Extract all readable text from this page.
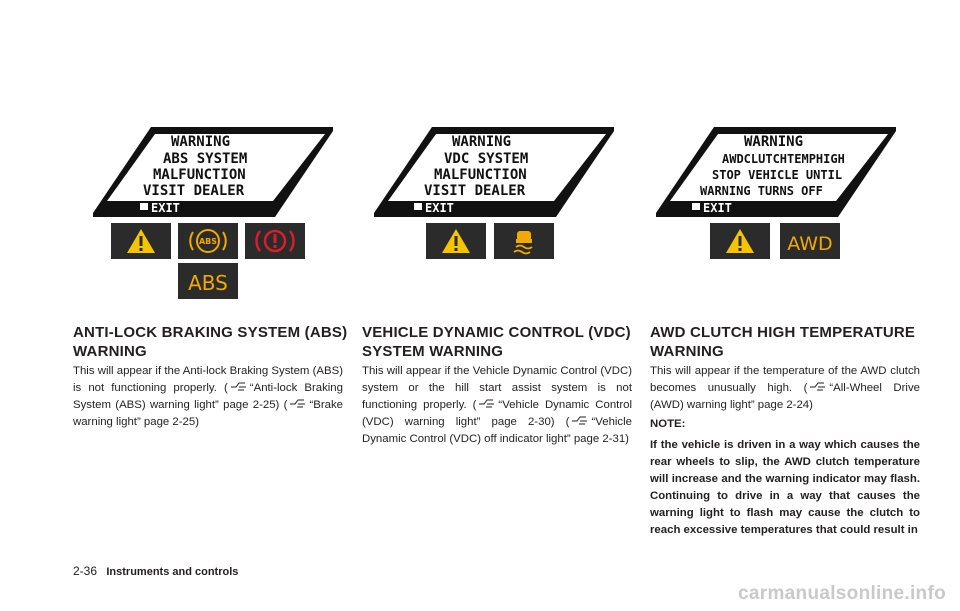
WARNING
ABS SYSTEM
MALFUNCTION
VISIT DEALER
EXIT
ABS
ABS
ANTI-LOCK BRAKING SYSTEM (ABS) WARNING
This will appear if the Anti-lock Braking System (ABS) is not functioning properly. ( “Anti-lock Braking System (ABS) warning light” page 2-25) ( “Brake warning light” page 2-25)
WARNING
VDC SYSTEM
MALFUNCTION
VISIT DEALER
EXIT
VEHICLE DYNAMIC CONTROL (VDC) SYSTEM WARNING
This will appear if the Vehicle Dynamic Control (VDC) system or the hill start assist system is not functioning properly. ( “Vehicle Dynamic Control (VDC) warning light” page 2-30) ( “Vehicle Dynamic Control (VDC) off indicator light” page 2-31)
WARNING
AWDCLUTCHTEMPHIGH
STOP VEHICLE UNTIL
WARNING TURNS OFF
EXIT
AWD
AWD CLUTCH HIGH TEMPERATURE WARNING
This will appear if the temperature of the AWD clutch becomes unusually high. ( “All-Wheel Drive (AWD) warning light” page 2-24)
NOTE:
If the vehicle is driven in a way which causes the rear wheels to slip, the AWD clutch temperature will increase and the warning indicator may flash. Continuing to drive in a way that causes the warning light to flash may cause the clutch to reach excessive temperatures that could result in
2-36 Instruments and controls
carmanualsonline.info
